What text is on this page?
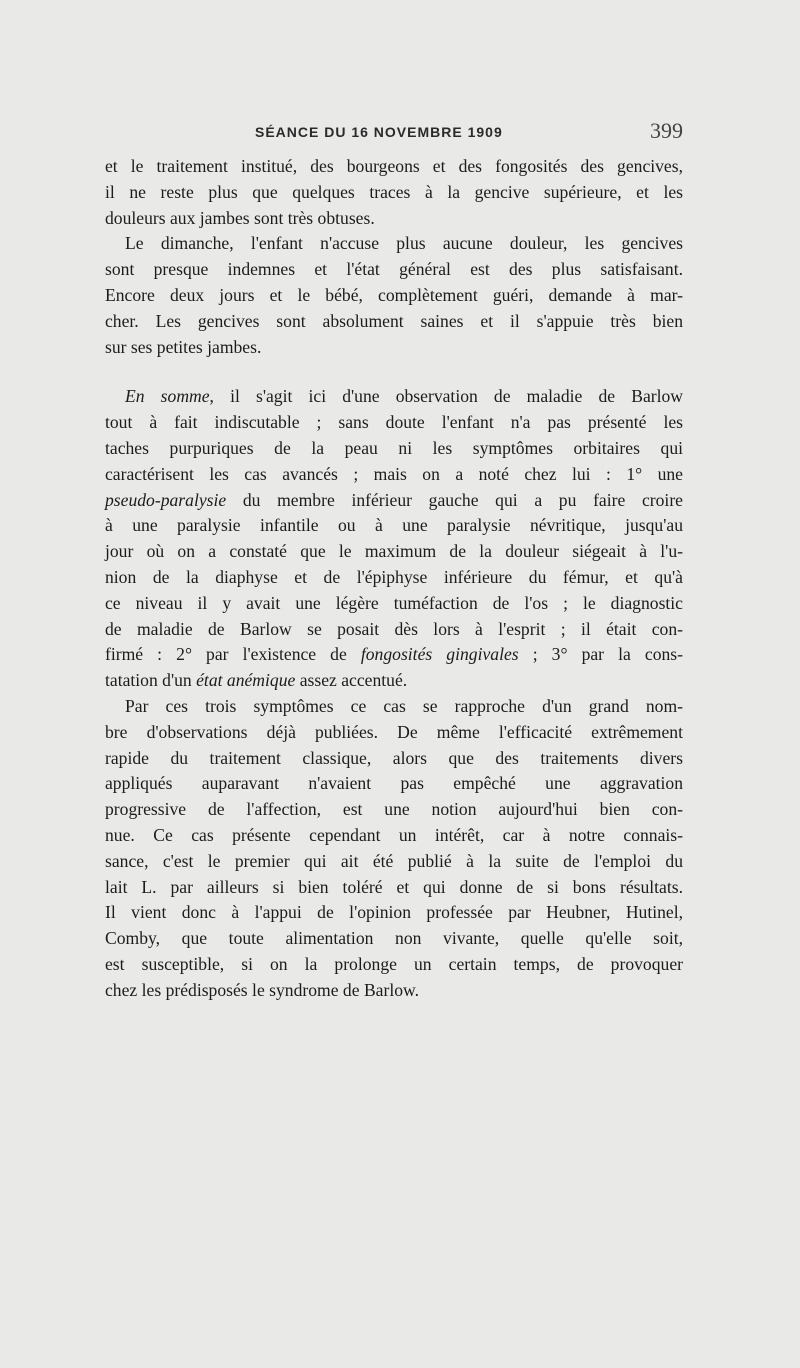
SÉANCE DU 16 NOVEMBRE 1909	399
et le traitement institué, des bourgeons et des fongosités des gencives,
il ne reste plus que quelques traces à la gencive supérieure, et les
douleurs aux jambes sont très obtuses.
Le dimanche, l'enfant n'accuse plus aucune douleur, les gencives
sont presque indemnes et l'état général est des plus satisfaisant.
Encore deux jours et le bébé, complètement guéri, demande à mar-
cher. Les gencives sont absolument saines et il s'appuie très bien
sur ses petites jambes.
En somme, il s'agit ici d'une observation de maladie de Barlow
tout à fait indiscutable ; sans doute l'enfant n'a pas présenté les
taches purpuriques de la peau ni les symptômes orbitaires qui
caractérisent les cas avancés ; mais on a noté chez lui : 1° une
pseudo-paralysie du membre inférieur gauche qui a pu faire croire
à une paralysie infantile ou à une paralysie névritique, jusqu'au
jour où on a constaté que le maximum de la douleur siégeait à l'u-
nion de la diaphyse et de l'épiphyse inférieure du fémur, et qu'à
ce niveau il y avait une légère tuméfaction de l'os ; le diagnostic
de maladie de Barlow se posait dès lors à l'esprit ; il était con-
firmé : 2° par l'existence de fongosités gingivales ; 3° par la cons-
tatation d'un état anémique assez accentué.
Par ces trois symptômes ce cas se rapproche d'un grand nom-
bre d'observations déjà publiées. De même l'efficacité extrêmement
rapide du traitement classique, alors que des traitements divers
appliqués auparavant n'avaient pas empêché une aggravation
progressive de l'affection, est une notion aujourd'hui bien con-
nue. Ce cas présente cependant un intérêt, car à notre connais-
sance, c'est le premier qui ait été publié à la suite de l'emploi du
lait L. par ailleurs si bien toléré et qui donne de si bons résultats.
Il vient donc à l'appui de l'opinion professée par Heubner, Hutinel,
Comby, que toute alimentation non vivante, quelle qu'elle soit,
est susceptible, si on la prolonge un certain temps, de provoquer
chez les prédisposés le syndrome de Barlow.
